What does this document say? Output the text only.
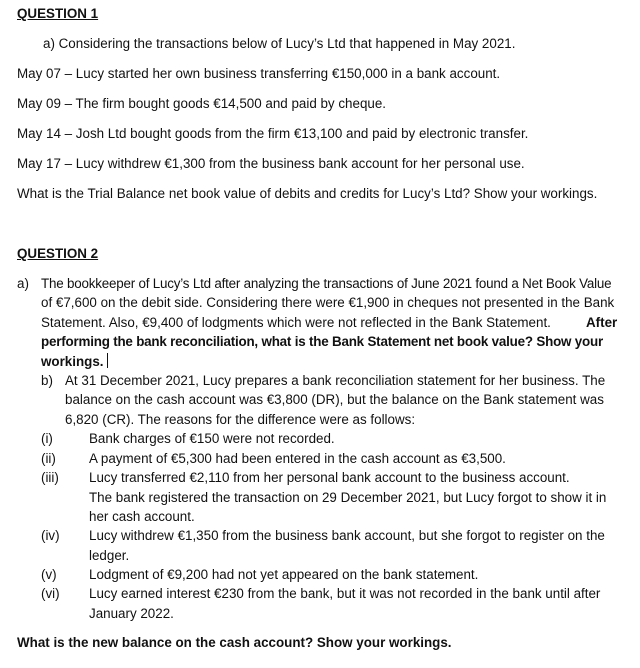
QUESTION 1
a) Considering the transactions below of Lucy’s Ltd that happened in May 2021.
May 07 – Lucy started her own business transferring €150,000 in a bank account.
May 09 – The firm bought goods €14,500 and paid by cheque.
May 14 – Josh Ltd bought goods from the firm €13,100 and paid by electronic transfer.
May 17 – Lucy withdrew €1,300 from the business bank account for her personal use.
What is the Trial Balance net book value of debits and credits for Lucy’s Ltd? Show your workings.
QUESTION 2
a) The bookkeeper of Lucy’s Ltd after analyzing the transactions of June 2021 found a Net Book Value
of €7,600 on the debit side. Considering there were €1,900 in cheques not presented in the Bank
Statement. Also, €9,400 of lodgments which were not reflected in the Bank Statement.	After
performing the bank reconciliation, what is the Bank Statement net book value? Show your
workings.
b) At 31 December 2021, Lucy prepares a bank reconciliation statement for her business. The
balance on the cash account was €3,800 (DR), but the balance on the Bank statement was
6,820 (CR). The reasons for the difference were as follows:
(i)	Bank charges of €150 were not recorded.
(ii) A payment of €5,300 had been entered in the cash account as €3,500.
(iii) Lucy transferred €2,110 from her personal bank account to the business account.
The bank registered the transaction on 29 December 2021, but Lucy forgot to show it in
her cash account.
(iv) Lucy withdrew €1,350 from the business bank account, but she forgot to register on the
ledger.
(v) Lodgment of €9,200 had not yet appeared on the bank statement.
(vi) Lucy earned interest €230 from the bank, but it was not recorded in the bank until after
January 2022.
What is the new balance on the cash account? Show your workings.
